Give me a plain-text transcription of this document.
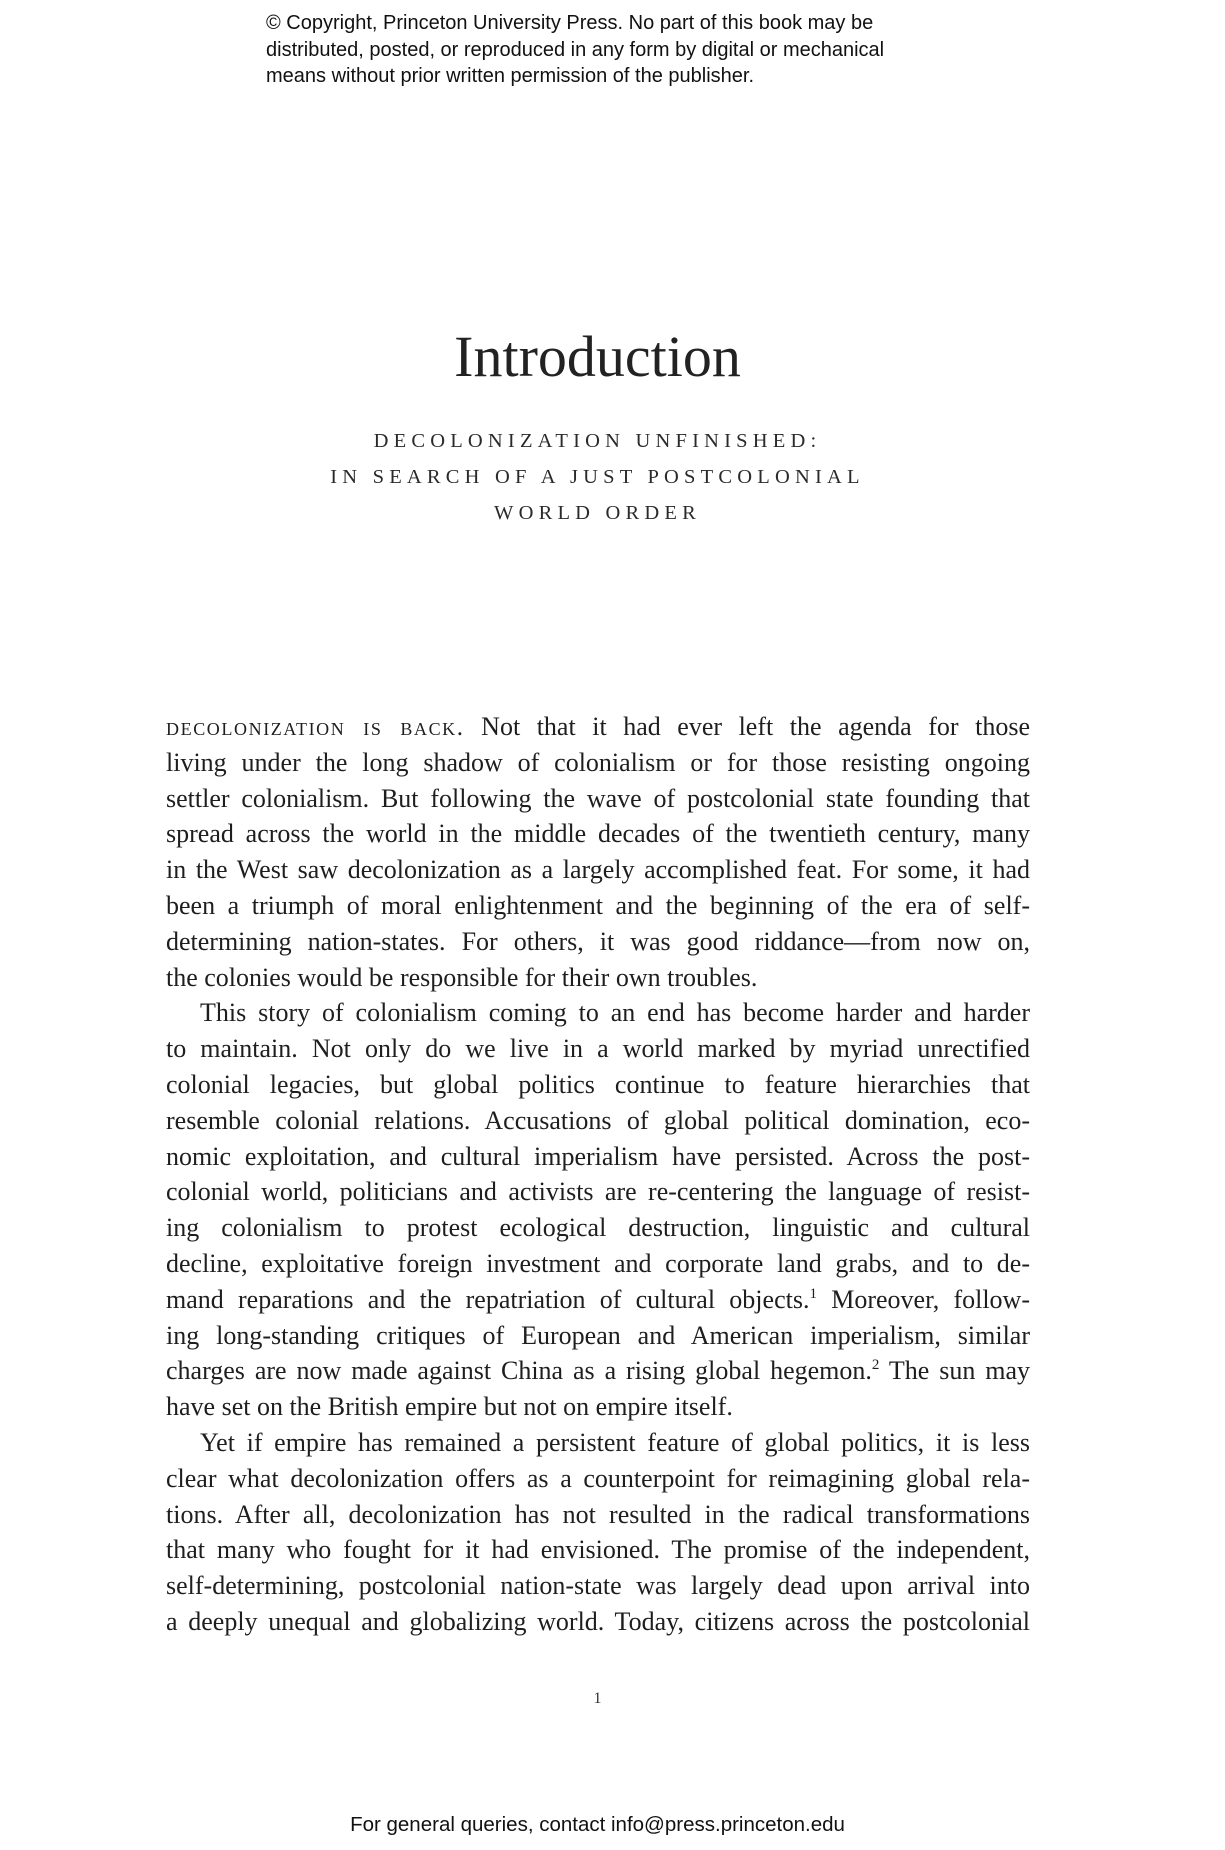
© Copyright, Princeton University Press. No part of this book may be
distributed, posted, or reproduced in any form by digital or mechanical
means without prior written permission of the publisher.
Introduction
DECOLONIZATION UNFINISHED:
IN SEARCH OF A JUST POSTCOLONIAL
WORLD ORDER
decolonization is back. Not that it had ever left the agenda for those
living under the long shadow of colonialism or for those resisting ongoing
settler colonialism. But following the wave of postcolonial state founding that
spread across the world in the middle decades of the twentieth century, many
in the West saw decolonization as a largely accomplished feat. For some, it had
been a triumph of moral enlightenment and the beginning of the era of self-
determining nation-states. For others, it was good riddance—from now on,
the colonies would be responsible for their own troubles.
This story of colonialism coming to an end has become harder and harder
to maintain. Not only do we live in a world marked by myriad unrectified
colonial legacies, but global politics continue to feature hierarchies that
resemble colonial relations. Accusations of global political domination, eco-
nomic exploitation, and cultural imperialism have persisted. Across the post-
colonial world, politicians and activists are re-centering the language of resist-
ing colonialism to protest ecological destruction, linguistic and cultural
decline, exploitative foreign investment and corporate land grabs, and to de-
mand reparations and the repatriation of cultural objects.$^1$ Moreover, follow-
ing long-standing critiques of European and American imperialism, similar
charges are now made against China as a rising global hegemon.$^2$ The sun may
have set on the British empire but not on empire itself.
Yet if empire has remained a persistent feature of global politics, it is less
clear what decolonization offers as a counterpoint for reimagining global rela-
tions. After all, decolonization has not resulted in the radical transformations
that many who fought for it had envisioned. The promise of the independent,
self-determining, postcolonial nation-state was largely dead upon arrival into
a deeply unequal and globalizing world. Today, citizens across the postcolonial
1
For general queries, contact info@press.princeton.edu
